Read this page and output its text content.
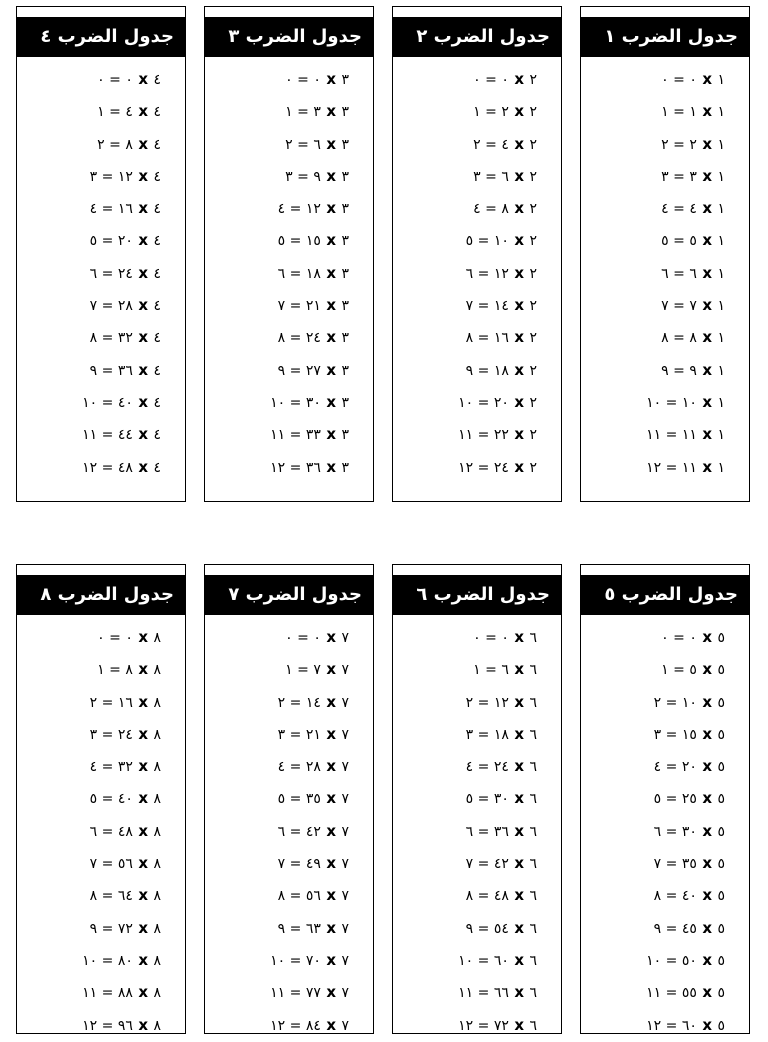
جدول الضرب ١
٠ = ٠ x ١
١ = ١ x ١
٢ = ٢ x ١
٣ = ٣ x ١
٤ = ٤ x ١
٥ = ٥ x ١
٦ = ٦ x ١
٧ = ٧ x ١
٨ = ٨ x ١
٩ = ٩ x ١
١٠ = ١٠	x ١
١١ = ١١	x ١
١١ = ١٢	x ١
جدول الضرب ٢
٠ = ٠ x ٢
٢ = ١ x ٢
٤ = ٢ x ٢
٦ = ٣ x ٢
٨ = ٤ x ٢
١٠ = ٥	x ٢
١٢ = ٦	x ٢
١٤ = ٧	x ٢
١٦ = ٨	x ٢
١٨ = ٩	x ٢
٢٠ = ١٠	x ٢
٢٢ = ١١	x ٢
٢٤ = ١٢	x ٢
جدول الضرب ٣
٠ = ٠ x ٣
٣ = ١ x ٣
٦ = ٢ x ٣
٩ = ٣ x ٣
١٢ = ٤	x ٣
١٥ = ٥	x ٣
١٨ = ٦	x ٣
٢١ = ٧	x ٣
٢٤ = ٨	x ٣
٢٧ = ٩	x ٣
٣٠ = ١٠	x ٣
٣٣ = ١١	x ٣
٣٦ = ١٢	x ٣
جدول الضرب ٤
٠ = ٠ x ٤
٤ = ١ x ٤
٨ = ٢ x ٤
١٢ = ٣	x ٤
١٦ = ٤	x ٤
٢٠ = ٥	x ٤
٢٤ = ٦	x ٤
٢٨ = ٧	x ٤
٣٢ = ٨	x ٤
٣٦ = ٩	x ٤
٤٠ = ١٠	x ٤
٤٤ = ١١	x ٤
٤٨ = ١٢	x ٤
جدول الضرب ٥
٠ = ٠ x ٥
٥ = ١ x ٥
١٠ = ٢	x ٥
١٥ = ٣	x ٥
٢٠ = ٤	x ٥
٢٥ = ٥	x ٥
٣٠ = ٦	x ٥
٣٥ = ٧	x ٥
٤٠ = ٨	x ٥
٤٥ = ٩	x ٥
٥٠ = ١٠	x ٥
٥٥ = ١١	x ٥
٦٠ = ١٢	x ٥
جدول الضرب ٦
٠ = ٠ x ٦
٦ = ١ x ٦
١٢ = ٢	x ٦
١٨ = ٣	x ٦
٢٤ = ٤	x ٦
٣٠ = ٥	x ٦
٣٦ = ٦	x ٦
٤٢ = ٧	x ٦
٤٨ = ٨	x ٦
٥٤ = ٩	x ٦
٦٠ = ١٠	x ٦
٦٦ = ١١	x ٦
٧٢ = ١٢	x ٦
جدول الضرب ٧
٠ = ٠ x ٧
٧ = ١ x ٧
١٤ = ٢	x ٧
٢١ = ٣	x ٧
٢٨ = ٤	x ٧
٣٥ = ٥	x ٧
٤٢ = ٦	x ٧
٤٩ = ٧	x ٧
٥٦ = ٨	x ٧
٦٣ = ٩	x ٧
٧٠ = ١٠	x ٧
٧٧ = ١١	x ٧
٨٤ = ١٢	x ٧
جدول الضرب ٨
٠ = ٠ x ٨
٨ = ١ x ٨
١٦ = ٢	x ٨
٢٤ = ٣	x ٨
٣٢ = ٤	x ٨
٤٠ = ٥	x ٨
٤٨ = ٦	x ٨
٥٦ = ٧	x ٨
٦٤ = ٨	x ٨
٧٢ = ٩	x ٨
٨٠ = ١٠	x ٨
٨٨ = ١١	x ٨
٩٦ = ١٢	x ٨
